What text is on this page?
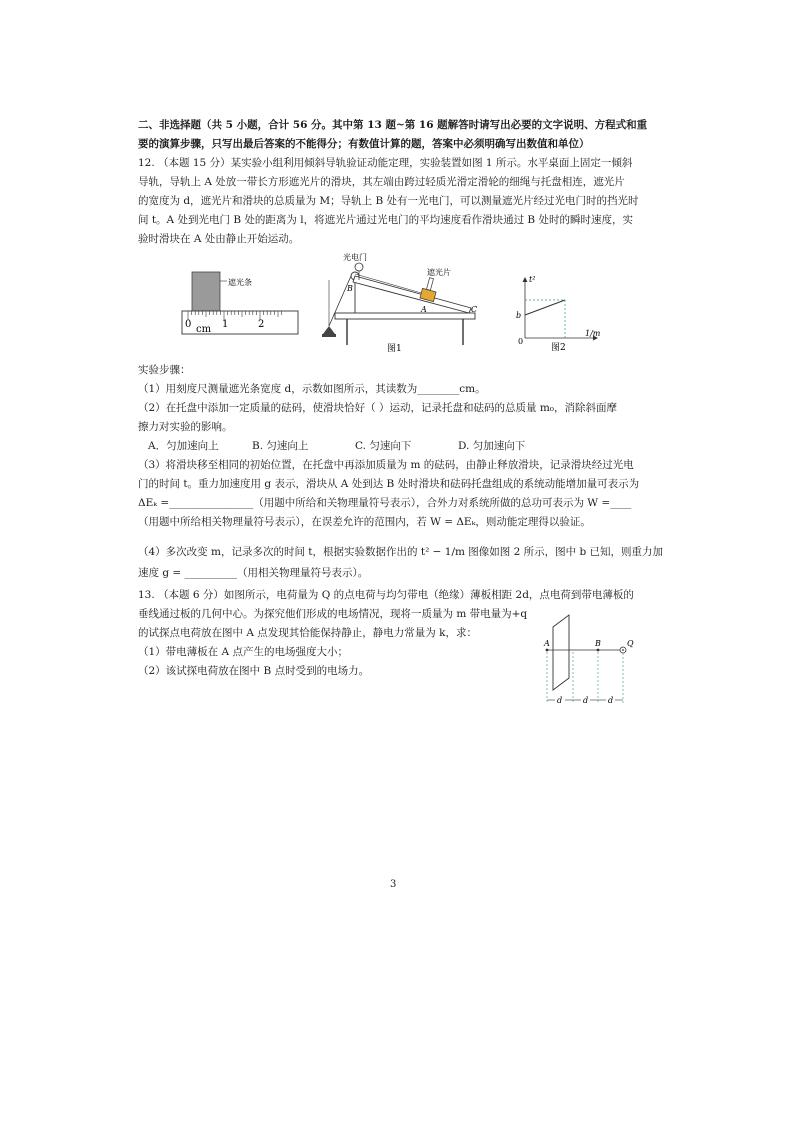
二、非选择题（共 5 小题，合计 56 分。其中第 13 题~第 16 题解答时请写出必要的文字说明、方程式和重
要的演算步骤，只写出最后答案的不能得分；有数值计算的题，答案中必须明确写出数值和单位）
12. （本题 15 分）某实验小组利用倾斜导轨验证动能定理，实验装置如图 1 所示。水平桌面上固定一倾斜
导轨，导轨上 A 处放一带长方形遮光片的滑块，其左端由跨过轻质光滑定滑轮的细绳与托盘相连，遮光片
的宽度为 d，遮光片和滑块的总质量为 M；导轨上 B 处有一光电门，可以测量遮光片经过光电门时的挡光时
间 t。A 处到光电门 B 处的距离为 l，将遮光片通过光电门的平均速度看作滑块通过 B 处时的瞬时速度，实
验时滑块在 A 处由静止开始运动。
遮光条
0 cm 1	2
光电门
B
遮光片
A	C
图1
t²
b
0
1/m
图2
实验步骤：
（1）用刻度尺测量遮光条宽度 d，示数如图所示，其读数为________cm。
（2）在托盘中添加一定质量的砝码，使滑块恰好（ ）运动，记录托盘和砝码的总质量 m₀，消除斜面摩
擦力对实验的影响。
A．匀加速向上	B. 匀速向上	C. 匀速向下	D. 匀加速向下
（3）将滑块移至相同的初始位置，在托盘中再添加质量为 m 的砝码，由静止释放滑块，记录滑块经过光电
门的时间 t。重力加速度用 g 表示，滑块从 A 处到达 B 处时滑块和砝码托盘组成的系统动能增加量可表示为
ΔEₖ =________________（用题中所给和关物理量符号表示），合外力对系统所做的总功可表示为 W =____
（用题中所给相关物理量符号表示），在误差允许的范围内，若 W = ΔEₖ，则动能定理得以验证。
（4）多次改变 m，记录多次的时间 t，根据实验数据作出的 t² − 1/m 图像如图 2 所示，图中 b 已知，则重力加
速度 g = __________（用相关物理量符号表示）。
13. （本题 6 分）如图所示，电荷量为 Q 的点电荷与均匀带电（绝缘）薄板相距 2d，点电荷到带电薄板的
垂线通过板的几何中心。为探究他们形成的电场情况，现将一质量为 m 带电量为+q
的试探点电荷放在图中 A 点发现其恰能保持静止，静电力常量为 k，求：
（1）带电薄板在 A 点产生的电场强度大小；
（2）该试探电荷放在图中 B 点时受到的电场力。
A	B	Q
d	d d
3
